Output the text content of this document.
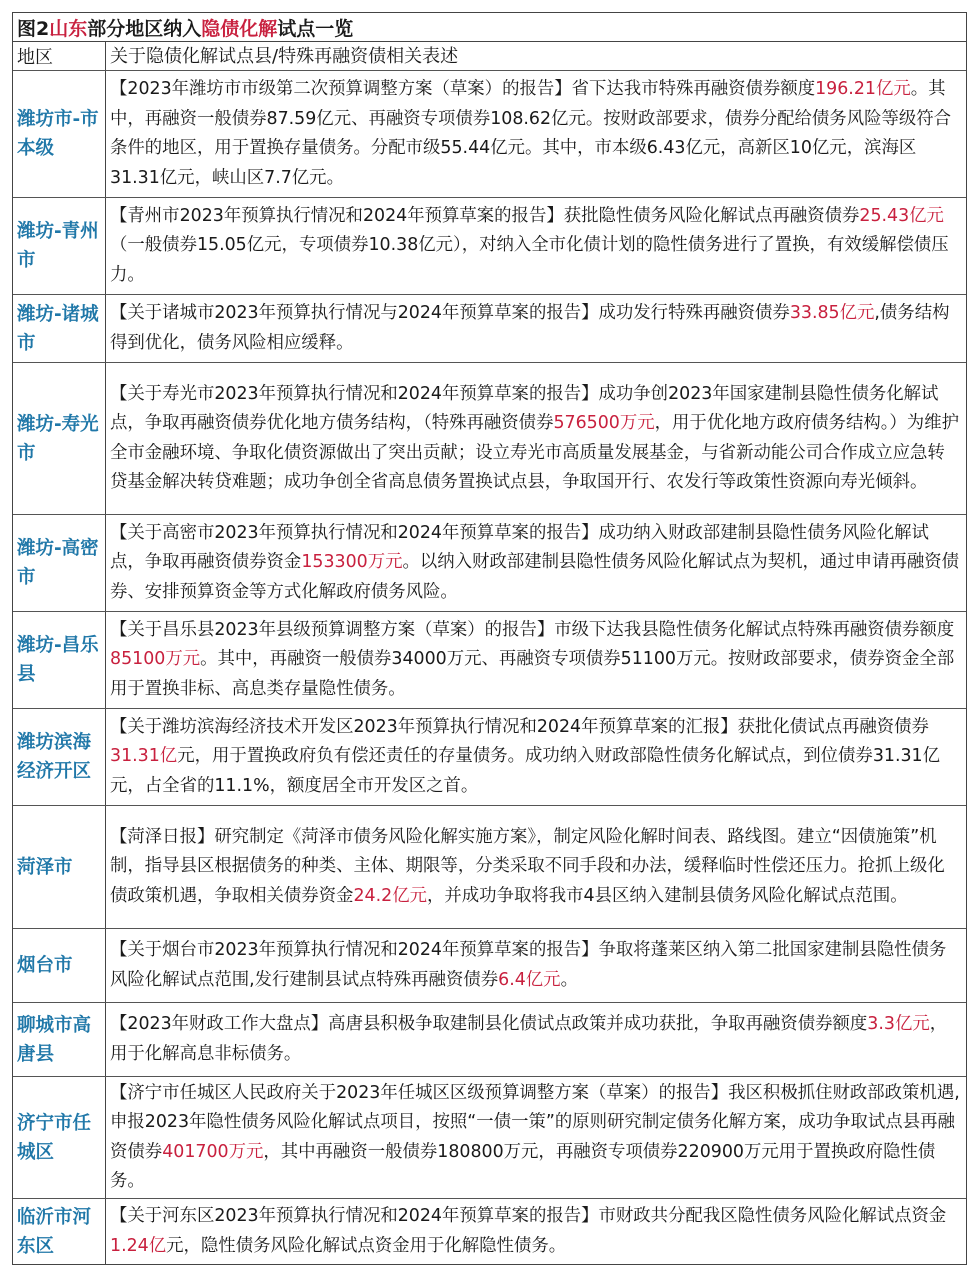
图2 山东 部分地区纳入 隐债化解 试点一览
地区	关于隐债化解试点县/特殊再融资债相关表述
潍坊市-市本级
【2023年潍坊市市级第二次预算调整方案（草案）的报告】省下达我市特殊再融资债券额度196.21亿元。其中，再融资一般债券87.59亿元、再融资专项债券108.62亿元。按财政部要求，债券分配给债务风险等级符合条件的地区，用于置换存量债务。分配市级55.44亿元。其中，市本级6.43亿元，高新区10亿元，滨海区31.31亿元，峡山区7.7亿元。
潍坊-青州市
【青州市2023年预算执行情况和2024年预算草案的报告】获批隐性债务风险化解试点再融资债券25.43亿元（一般债券15.05亿元，专项债券10.38亿元），对纳入全市化债计划的隐性债务进行了置换，有效缓解偿债压力。
潍坊-诸城市
【关于诸城市2023年预算执行情况与2024年预算草案的报告】成功发行特殊再融资债券33.85亿元,债务结构得到优化，债务风险相应缓释。
潍坊-寿光市
【关于寿光市2023年预算执行情况和2024年预算草案的报告】成功争创2023年国家建制县隐性债务化解试点，争取再融资债券优化地方债务结构，（特殊再融资债券576500万元，用于优化地方政府债务结构。）为维护全市金融环境、争取化债资源做出了突出贡献；设立寿光市高质量发展基金，与省新动能公司合作成立应急转贷基金解决转贷难题；成功争创全省高息债务置换试点县，争取国开行、农发行等政策性资源向寿光倾斜。
潍坊-高密市
【关于高密市2023年预算执行情况和2024年预算草案的报告】成功纳入财政部建制县隐性债务风险化解试点，争取再融资债券资金153300万元。以纳入财政部建制县隐性债务风险化解试点为契机，通过申请再融资债券、安排预算资金等方式化解政府债务风险。
潍坊-昌乐县
【关于昌乐县2023年县级预算调整方案（草案）的报告】市级下达我县隐性债务化解试点特殊再融资债券额度85100万元。其中，再融资一般债券34000万元、再融资专项债券51100万元。按财政部要求，债券资金全部用于置换非标、高息类存量隐性债务。
潍坊滨海经济开区
【关于潍坊滨海经济技术开发区2023年预算执行情况和2024年预算草案的汇报】获批化债试点再融资债券31.31亿元，用于置换政府负有偿还责任的存量债务。成功纳入财政部隐性债务化解试点，到位债券31.31亿元，占全省的11.1%，额度居全市开发区之首。
菏泽市
【菏泽日报】研究制定《菏泽市债务风险化解实施方案》，制定风险化解时间表、路线图。建立“因债施策”机制，指导县区根据债务的种类、主体、期限等，分类采取不同手段和办法，缓释临时性偿还压力。抢抓上级化债政策机遇，争取相关债券资金24.2亿元，并成功争取将我市4县区纳入建制县债务风险化解试点范围。
烟台市
【关于烟台市2023年预算执行情况和2024年预算草案的报告】争取将蓬莱区纳入第二批国家建制县隐性债务风险化解试点范围,发行建制县试点特殊再融资债券6.4亿元。
聊城市高唐县
【2023年财政工作大盘点】高唐县积极争取建制县化债试点政策并成功获批，争取再融资债券额度3.3亿元，用于化解高息非标债务。
济宁市任城区
【济宁市任城区人民政府关于2023年任城区区级预算调整方案（草案）的报告】我区积极抓住财政部政策机遇,申报2023年隐性债务风险化解试点项目，按照“一债一策”的原则研究制定债务化解方案，成功争取试点县再融资债券401700万元，其中再融资一般债券180800万元，再融资专项债券220900万元用于置换政府隐性债务。
临沂市河东区
【关于河东区2023年预算执行情况和2024年预算草案的报告】市财政共分配我区隐性债务风险化解试点资金1.24亿元，隐性债务风险化解试点资金用于化解隐性债务。
